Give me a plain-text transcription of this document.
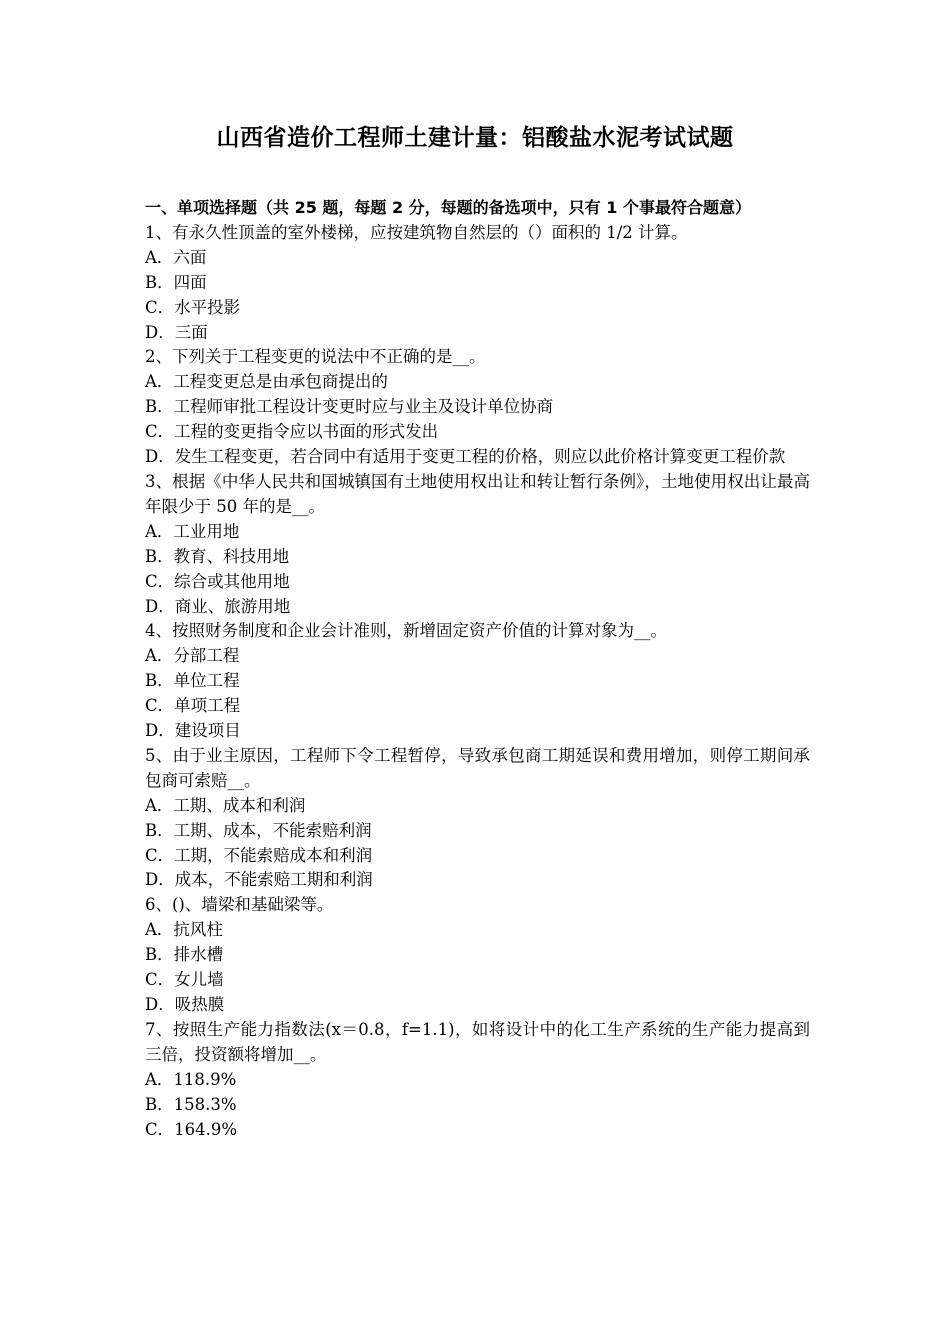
山西省造价工程师土建计量：铝酸盐水泥考试试题
一、单项选择题（共 25 题，每题 2 分，每题的备选项中，只有 1 个事最符合题意）
1、有永久性顶盖的室外楼梯，应按建筑物自然层的（）面积的 1/2 计算。
A．六面
B．四面
C．水平投影
D．三面
2、下列关于工程变更的说法中不正确的是__。
A．工程变更总是由承包商提出的
B．工程师审批工程设计变更时应与业主及设计单位协商
C．工程的变更指令应以书面的形式发出
D．发生工程变更，若合同中有适用于变更工程的价格，则应以此价格计算变更工程价款
3、根据《中华人民共和国城镇国有土地使用权出让和转让暂行条例》，土地使用权出让最高年限少于 50 年的是__。
A．工业用地
B．教育、科技用地
C．综合或其他用地
D．商业、旅游用地
4、按照财务制度和企业会计准则，新增固定资产价值的计算对象为__。
A．分部工程
B．单位工程
C．单项工程
D．建设项目
5、由于业主原因，工程师下令工程暂停，导致承包商工期延误和费用增加，则停工期间承包商可索赔__。
A．工期、成本和利润
B．工期、成本，不能索赔利润
C．工期，不能索赔成本和利润
D．成本，不能索赔工期和利润
6、()、墙梁和基础梁等。
A．抗风柱
B．排水槽
C．女儿墙
D．吸热膜
7、按照生产能力指数法(x＝0.8，f=1.1)，如将设计中的化工生产系统的生产能力提高到三倍，投资额将增加__。
A．118.9%
B．158.3%
C．164.9%
